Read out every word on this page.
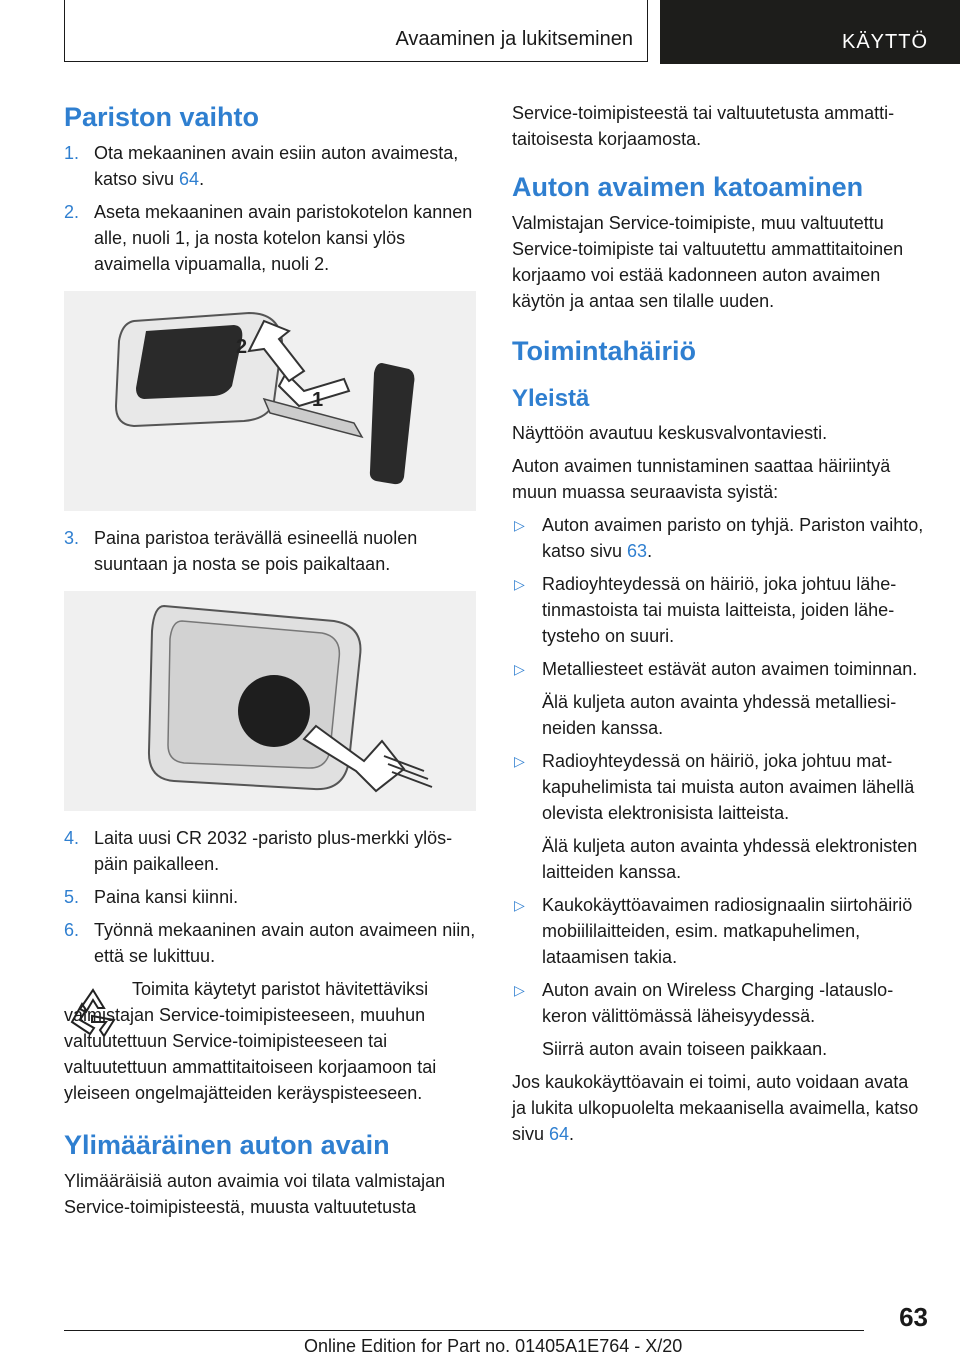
Avaaminen ja lukitseminen	KÄYTTÖ
Pariston vaihto
1. Ota mekaaninen avain esiin auton avaimesta, katso sivu 64.
2. Aseta mekaaninen avain paristokotelon kannen alle, nuoli 1, ja nosta kotelon kansi ylös avaimella vipuamalla, nuoli 2.
2
1
3. Paina paristoa terävällä esineellä nuolen suuntaan ja nosta se pois paikaltaan.
4. Laita uusi CR 2032 -paristo plus-merkki ylöspäin paikalleen.
5. Paina kansi kiinni.
6. Työnnä mekaaninen avain auton avaimeen niin, että se lukittuu.

Toimita käytetyt paristot hävitettäviksi valmistajan Service-toimipisteeseen, muuhun valtuutettuun Service-toimipisteeseen tai valtuutettuun ammattitaitoiseen korjaamoon tai yleiseen ongelmajätteiden keräyspisteeseen.

Ylimääräinen auton avain

Ylimääräisiä auton avaimia voi tilata valmistajan Service-toimipisteestä, muusta valtuutetusta

Service-toimipisteestä tai valtuutetusta ammattitaitoisesta korjaamosta.

Auton avaimen katoaminen

Valmistajan Service-toimipiste, muu valtuutettu Service-toimipiste tai valtuutettu ammattitaitoinen korjaamo voi estää kadonneen auton avaimen käytön ja antaa sen tilalle uuden.

Toimintahäiriö
Yleistä

Näyttöön avautuu keskusvalvontaviesti.

Auton avaimen tunnistaminen saattaa häiriintyä muun muassa seuraavista syistä:

▷ Auton avaimen paristo on tyhjä. Pariston vaihto, katso sivu 63.
▷ Radioyhteydessä on häiriö, joka johtuu lähetinmastoista tai muista laitteista, joiden lähetysteho on suuri.
▷ Metalliesteet estävät auton avaimen toiminnan.

Älä kuljeta auton avainta yhdessä metalliesineiden kanssa.

▷ Radioyhteydessä on häiriö, joka johtuu matkapuhelimista tai muista auton avaimen lähellä olevista elektronisista laitteista.

Älä kuljeta auton avainta yhdessä elektronisten laitteiden kanssa.

▷ Kaukokäyttöavaimen radiosignaalin siirtohäiriö mobiililaitteiden, esim. matkapuhelimen, lataamisen takia.
▷ Auton avain on Wireless Charging -latauslokeron välittömässä läheisyydessä.

Siirrä auton avain toiseen paikkaan.

Jos kaukokäyttöavain ei toimi, auto voidaan avata ja lukita ulkopuolelta mekaanisella avaimella, katso sivu 64.

63
Online Edition for Part no. 01405A1E764 - X/20
